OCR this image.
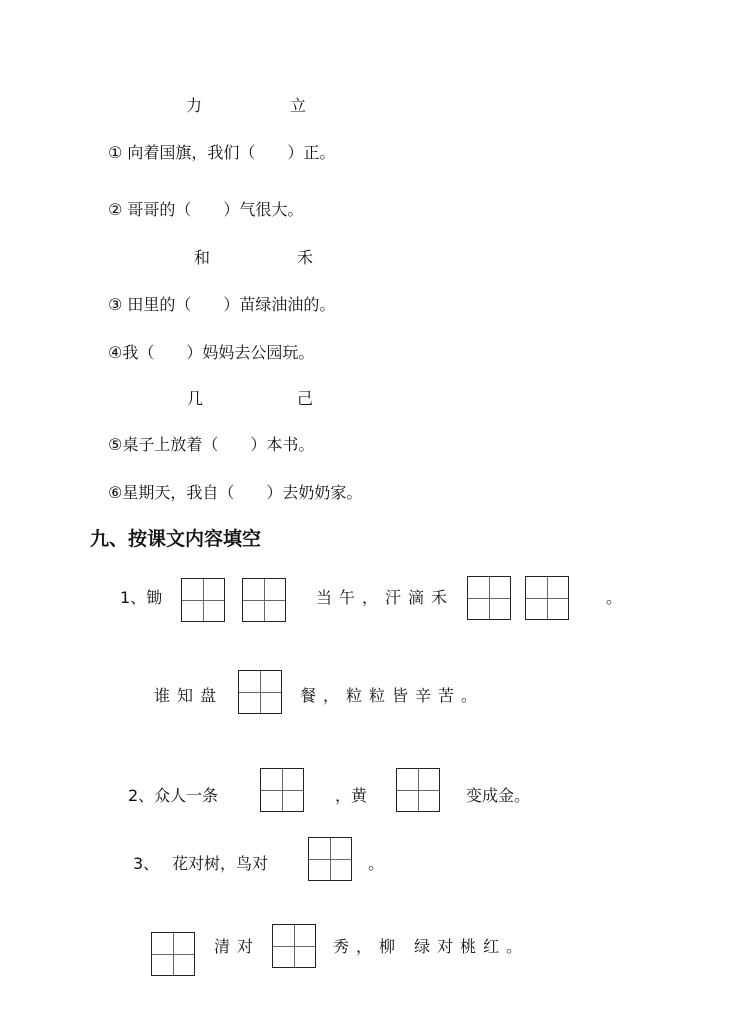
力	立
① 向着国旗，我们（　　）正。
② 哥哥的（　　）气很大。
和	禾
③ 田里的（　　）苗绿油油的。
④我（　　）妈妈去公园玩。
几	己
⑤桌子上放着（　　）本书。
⑥星期天，我自（　　）去奶奶家。
九、按课文内容填空
1、锄	当午，汗滴禾	。
谁知盘	餐，粒粒皆辛苦。
2、众人一条	，黄	变成金。
3、 花对树，鸟对	。
清对	秀，柳 绿对桃红。
